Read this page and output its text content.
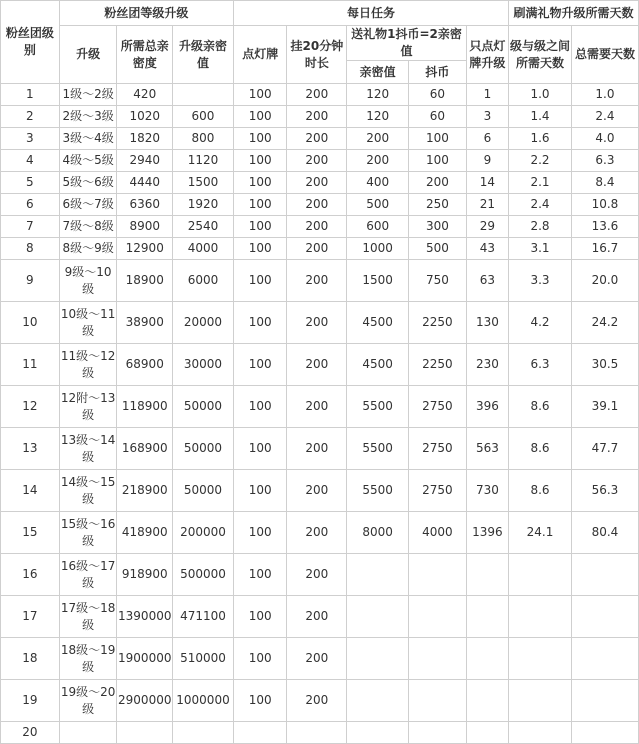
粉丝团级别	粉丝团等级升级			每日任务					刷满礼物升级所需天数	
	升级	所需总亲密度	升级亲密值	点灯牌	挂20分钟时长	送礼物1抖币=2亲密值		只点灯牌升级	级与级之间所需天数	总需要天数
						亲密值	抖币			
1	1级～2级	420		100	200	120	60	1	1.0	1.0
2	2级～3级	1020	600	100	200	120	60	3	1.4	2.4
3	3级～4级	1820	800	100	200	200	100	6	1.6	4.0
4	4级～5级	2940	1120	100	200	200	100	9	2.2	6.3
5	5级～6级	4440	1500	100	200	400	200	14	2.1	8.4
6	6级～7级	6360	1920	100	200	500	250	21	2.4	10.8
7	7级～8级	8900	2540	100	200	600	300	29	2.8	13.6
8	8级～9级	12900	4000	100	200	1000	500	43	3.1	16.7
9	9级～10级	18900	6000	100	200	1500	750	63	3.3	20.0
10	10级～11级	38900	20000	100	200	4500	2250	130	4.2	24.2
11	11级～12级	68900	30000	100	200	4500	2250	230	6.3	30.5
12	12附～13级	118900	50000	100	200	5500	2750	396	8.6	39.1
13	13级～14级	168900	50000	100	200	5500	2750	563	8.6	47.7
14	14级～15级	218900	50000	100	200	5500	2750	730	8.6	56.3
15	15级～16级	418900	200000	100	200	8000	4000	1396	24.1	80.4
16	16级～17级	918900	500000	100	200					
17	17级～18级	1390000	471100	100	200					
18	18级～19级	1900000	510000	100	200					
19	19级～20级	2900000	1000000	100	200					
20										
